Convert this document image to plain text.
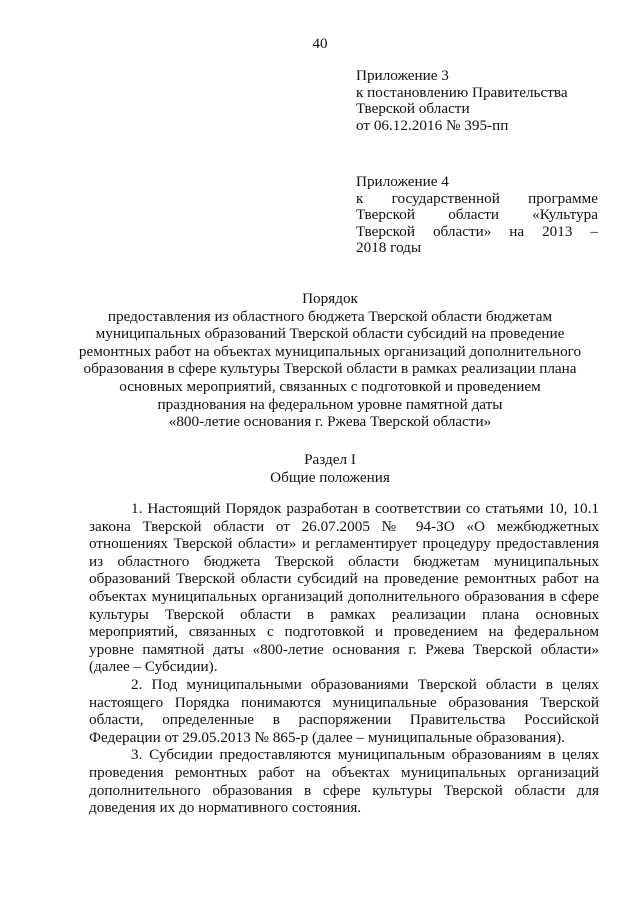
40
Приложение 3
к постановлению Правительства
Тверской области
от 06.12.2016 № 395-пп
Приложение 4
к государственной программе
Тверской области «Культура
Тверской области» на 2013 –
2018 годы
Порядок
предоставления из областного бюджета Тверской области бюджетам
муниципальных образований Тверской области субсидий на проведение
ремонтных работ на объектах муниципальных организаций дополнительного
образования в сфере культуры Тверской области в рамках реализации плана
основных мероприятий, связанных с подготовкой и проведением
празднования на федеральном уровне памятной даты
«800-летие основания г. Ржева Тверской области»
Раздел I
Общие положения

1. Настоящий Порядок разработан в соответствии со статьями 10, 10.1
закона Тверской области от 26.07.2005 № 94-ЗО «О межбюджетных
отношениях Тверской области» и регламентирует процедуру предоставления
из областного бюджета Тверской области бюджетам муниципальных
образований Тверской области субсидий на проведение ремонтных работ на
объектах муниципальных организаций дополнительного образования в сфере
культуры Тверской области в рамках реализации плана основных
мероприятий, связанных с подготовкой и проведением на федеральном
уровне памятной даты «800-летие основания г. Ржева Тверской области»
(далее – Субсидии).

2. Под муниципальными образованиями Тверской области в целях
настоящего Порядка понимаются муниципальные образования Тверской
области, определенные в распоряжении Правительства Российской
Федерации от 29.05.2013 № 865-р (далее – муниципальные образования).

3. Субсидии предоставляются муниципальным образованиям в целях
проведения ремонтных работ на объектах муниципальных организаций
дополнительного образования в сфере культуры Тверской области для
доведения их до нормативного состояния.
